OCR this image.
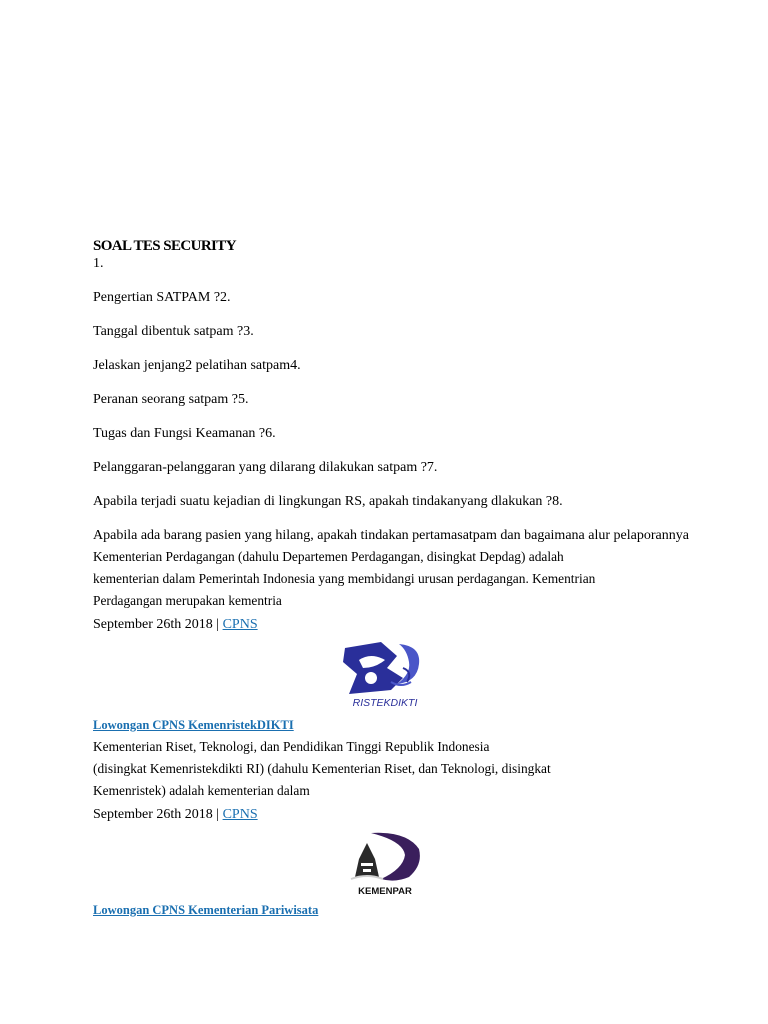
SOAL TES SECURITY
1.
Pengertian SATPAM ?2.
Tanggal dibentuk satpam ?3.
Jelaskan jenjang2 pelatihan satpam4.
Peranan seorang satpam ?5.
Tugas dan Fungsi Keamanan ?6.
Pelanggaran-pelanggaran yang dilarang dilakukan satpam ?7.
Apabila terjadi suatu kejadian di lingkungan RS, apakah tindakanyang dlakukan ?8.
Apabila ada barang pasien yang hilang, apakah tindakan pertamasatpam dan bagaimana alur pelaporannya
Kementerian Perdagangan (dahulu Departemen Perdagangan, disingkat Depdag) adalah
kementerian dalam Pemerintah Indonesia yang membidangi urusan perdagangan. Kementrian
Perdagangan merupakan kementria
September 26th 2018 | CPNS
RISTEKDIKTI
Lowongan CPNS KemenristekDIKTI
Kementerian Riset, Teknologi, dan Pendidikan Tinggi Republik Indonesia
(disingkat Kemenristekdikti RI) (dahulu Kementerian Riset, dan Teknologi, disingkat
Kemenristek) adalah kementerian dalam
September 26th 2018 | CPNS
KEMENPAR
Lowongan CPNS Kementerian Pariwisata
